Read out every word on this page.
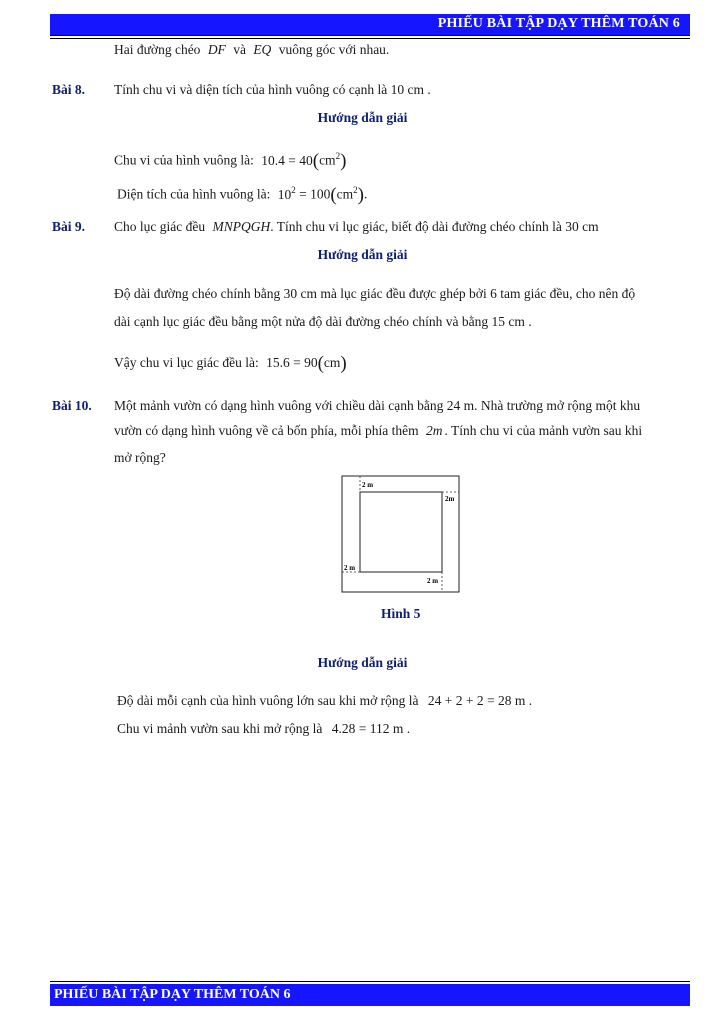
PHIẾU BÀI TẬP DẠY THÊM TOÁN 6
Hai đường chéo DF và EQ vuông góc với nhau.
Bài 8. Tính chu vi và diện tích của hình vuông có cạnh là 10 cm .
Hướng dẫn giải
Chu vi của hình vuông là: $10.4 = 40(cm^2)$
Diện tích của hình vuông là: $10^2 = 100(cm^2)$.
Bài 9. Cho lục giác đều MNPQGH. Tính chu vi lục giác, biết độ dài đường chéo chính là 30 cm
Hướng dẫn giải
Độ dài đường chéo chính bằng 30 cm mà lục giác đều được ghép bởi 6 tam giác đều, cho nên độ
dài cạnh lục giác đều bằng một nửa độ dài đường chéo chính và bằng 15 cm .
Vậy chu vi lục giác đều là: 15.6 = 90(cm)
Bài 10. Một mảnh vườn có dạng hình vuông với chiều dài cạnh bằng 24 m. Nhà trường mở rộng một khu
vườn có dạng hình vuông về cả bốn phía, mỗi phía thêm 2m . Tính chu vi của mảnh vườn sau khi
mở rộng?
2 m
2m
2 m
2 m
Hình 5
Hướng dẫn giải
Độ dài mỗi cạnh của hình vuông lớn sau khi mở rộng là 24 + 2 + 2 = 28 m .
Chu vi mảnh vườn sau khi mở rộng là 4.28 = 112 m .
PHIẾU BÀI TẬP DẠY THÊM TOÁN 6
